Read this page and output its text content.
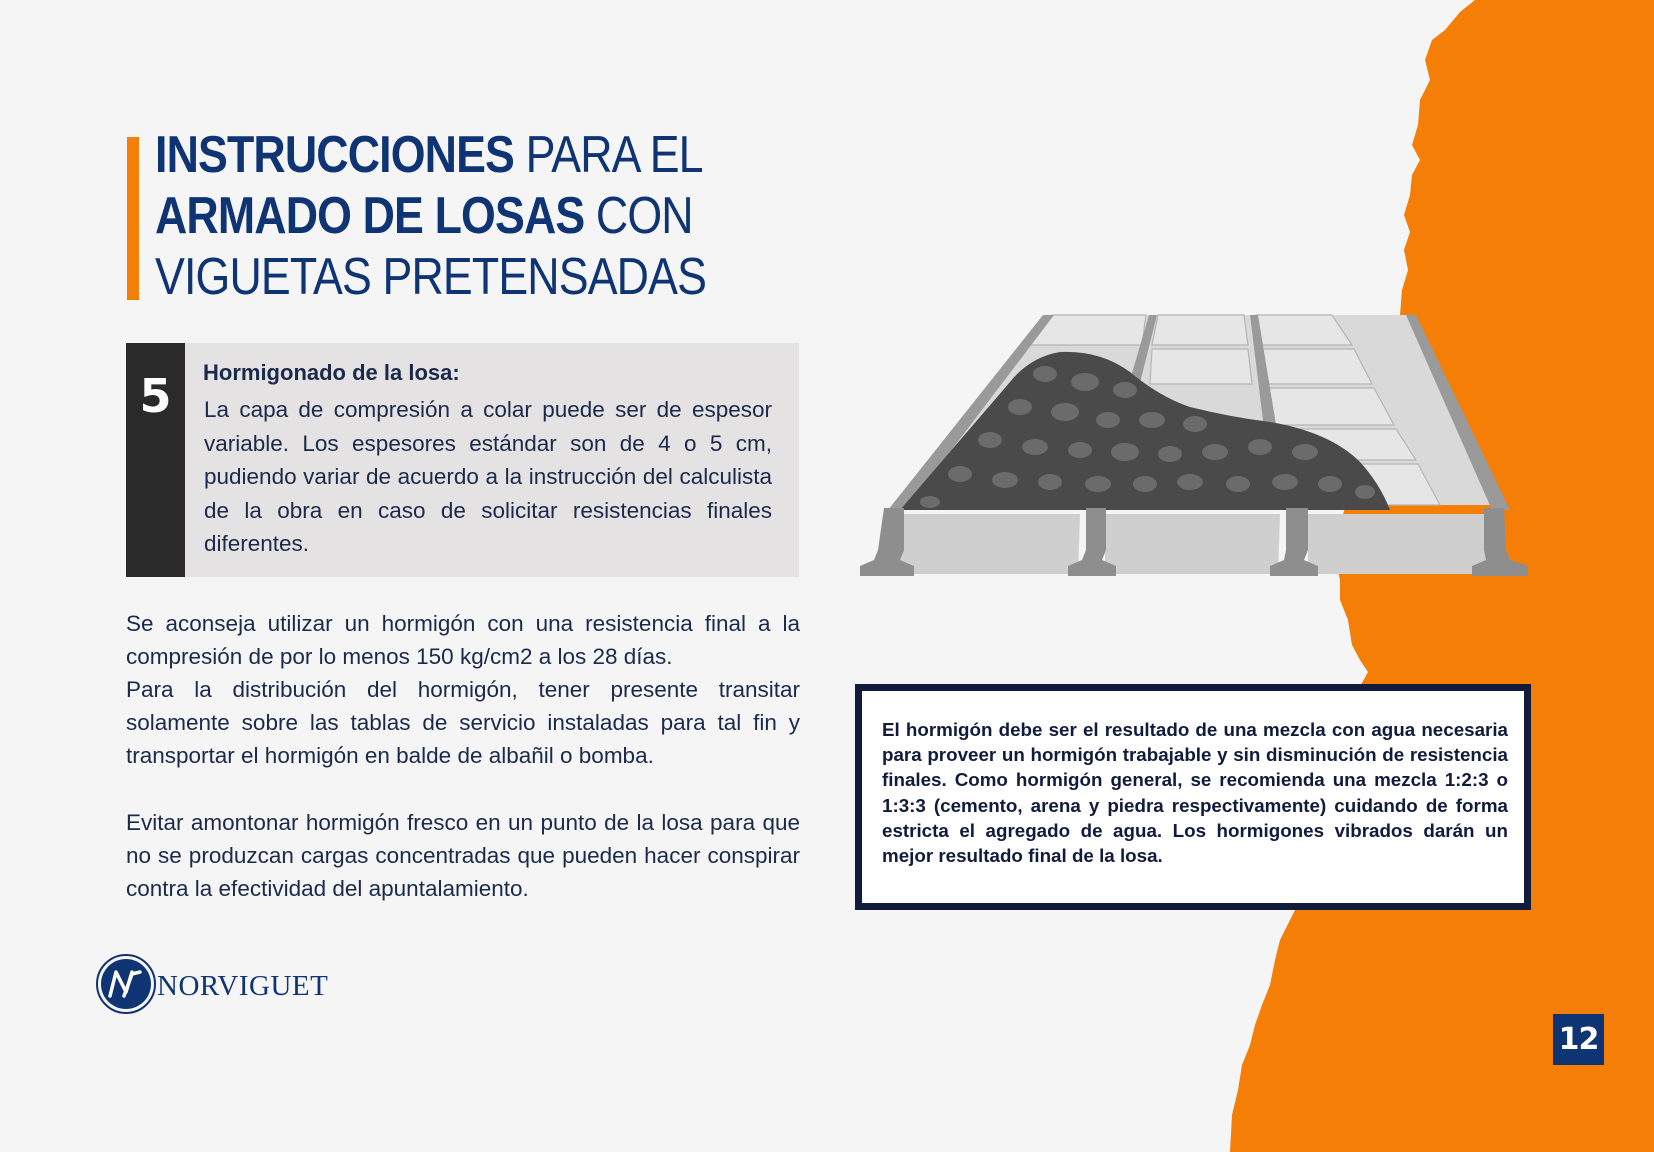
INSTRUCCIONES PARA EL
ARMADO DE LOSAS CON
VIGUETAS PRETENSADAS
5	Hormigonado de la losa:
La capa de compresión a colar puede ser de espesor variable. Los espesores estándar son de 4 o 5 cm, pudiendo variar de acuerdo a la instrucción del calculista de la obra en caso de solicitar resistencias finales diferentes.

Se aconseja utilizar un hormigón con una resistencia final a la compresión de por lo menos 150 kg/cm2 a los 28 días.

Para la distribución del hormigón, tener presente transitar solamente sobre las tablas de servicio instaladas para tal fin y transportar el hormigón en balde de albañil o bomba.

Evitar amontonar hormigón fresco en un punto de la losa para que no se produzcan cargas concentradas que pueden hacer conspirar contra la efectividad del apuntalamiento.

El hormigón debe ser el resultado de una mezcla con agua necesaria para proveer un hormigón trabajable y sin disminución de resistencia finales. Como hormigón general, se recomienda una mezcla 1:2:3 o 1:3:3 (cemento, arena y piedra respectivamente) cuidando de forma estricta el agregado de agua. Los hormigones vibrados darán un mejor resultado final de la losa.
NORVIGUET
12
